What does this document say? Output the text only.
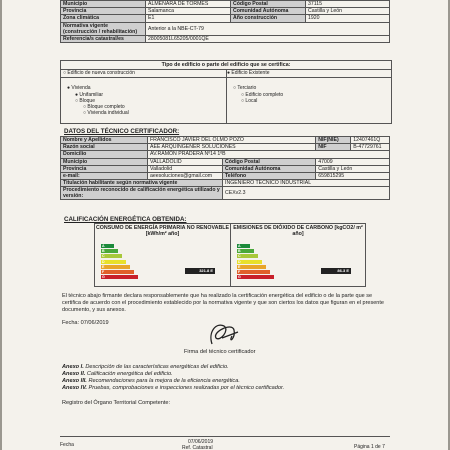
Municipio	ALMENARA DE TORMES	Código Postal	37115
Provincia	Salamanca	Comunidad Autónoma	Castilla y León
Zona climática	E1	Año construcción	1920
Normativa vigente (construcción / rehabilitación)	Anterior a la NBE-CT-79		
Referencia/s catastral/es	28005081L65205/0001QE		
Tipo de edificio o parte del edificio que se certifica:
○ Edificio de nueva construcción	● Edificio Existente
● Vivienda
● Unifamiliar
○ Bloque
○ Bloque completo
○ Vivienda individual
○ Terciario
○ Edificio completo
○ Local
DATOS DEL TÉCNICO CERTIFICADOR:
Nombre y Apellidos	FRANCISCO JAVIER DEL OLMO POZO		NIF(NIE)	12407461Q
Razón social	AEE ARQUINGENER SOLUCIONES		NIF	B-47729761
Domicilio	AV.RAMÓN PRADERA Nº14 1ºB			
Municipio	VALLADOLID	Código Postal	47009	
Provincia	Valladolid	Comunidad Autónoma	Castilla y León	
e-mail:	aeesoluciones@gmail.com	Teléfono	659815295	
Titulación habilitante según normativa vigente		INGENIERO TECNICO INDUSTRIAL		
Procedimiento reconocido de calificación energética utilizado y versión:		CEXv2.3		
CALIFICACIÓN ENERGÉTICA OBTENIDA:
CONSUMO DE ENERGÍA PRIMARIA NO RENOVABLE [kWh/m² año]
EMISIONES DE DIÓXIDO DE CARBONO [kgCO2/ m² año]
A
B
C
D
E
F
G
A
B
C
D
E
F
G
321.8 E	86.3 E
El técnico abajo firmante declara responsablemente que ha realizado la certificación energética del edificio o de la parte que se certifica de acuerdo con el procedimiento establecido por la normativa vigente y que son ciertos los datos que figuran en el presente documento, y sus anexos.
Fecha: 07/06/2019
Firma del técnico certificador
Anexo I. Descripción de las características energéticas del edificio.
Anexo II. Calificación energética del edificio.
Anexo III. Recomendaciones para la mejora de la eficiencia energética.
Anexo IV. Pruebas, comprobaciones e inspecciones realizadas por el técnico certificador.
Registro del Órgano Territorial Competente:
Fecha	07/06/2019
Ref. Catastral	Página 1 de 7
